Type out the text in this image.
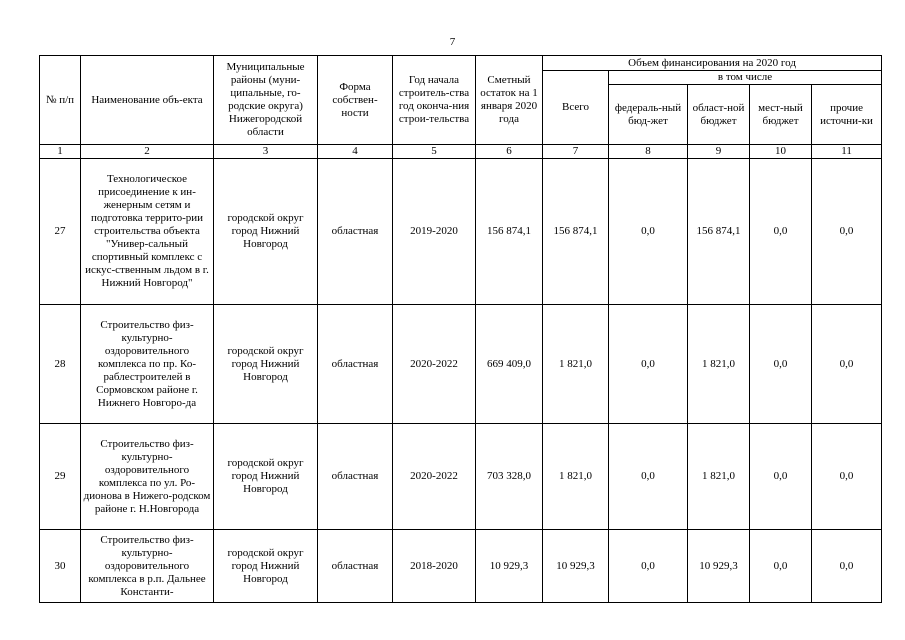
7
№ п/п	Наименование объ-екта	Муниципальные районы (муни-ципальные, го-родские округа) Нижегородской области	Форма собствен-ности	Год начала строитель-ства год оконча-ния строи-тельства	Сметный остаток на 1 января 2020 года	Объем финансирования на 2020 год				
						Всего	в том числе			
							федераль-ный бюд-жет	област-ной бюджет	мест-ный бюджет	прочие источни-ки
1	2	3	4	5	6	7	8	9	10	11
27	Технологическое присоединение к ин-женерным сетям и подготовка террито-рии строительства объекта "Универ-сальный спортивный комплекс с искус-ственным льдом в г. Нижний Новгород"	городской округ город Нижний Новгород	областная	2019-2020	156 874,1	156 874,1	0,0	156 874,1	0,0	0,0
28	Строительство физ-культурно-оздоровительного комплекса по пр. Ко-раблестроителей в Сормовском районе г. Нижнего Новгоро-да	городской округ город Нижний Новгород	областная	2020-2022	669 409,0	1 821,0	0,0	1 821,0	0,0	0,0
29	Строительство физ-культурно-оздоровительного комплекса по ул. Ро-дионова в Нижего-родском районе г. Н.Новгорода	городской округ город Нижний Новгород	областная	2020-2022	703 328,0	1 821,0	0,0	1 821,0	0,0	0,0
30	Строительство физ-культурно-оздоровительного комплекса в р.п. Дальнее Константи-	городской округ город Нижний Новгород	областная	2018-2020	10 929,3	10 929,3	0,0	10 929,3	0,0	0,0
